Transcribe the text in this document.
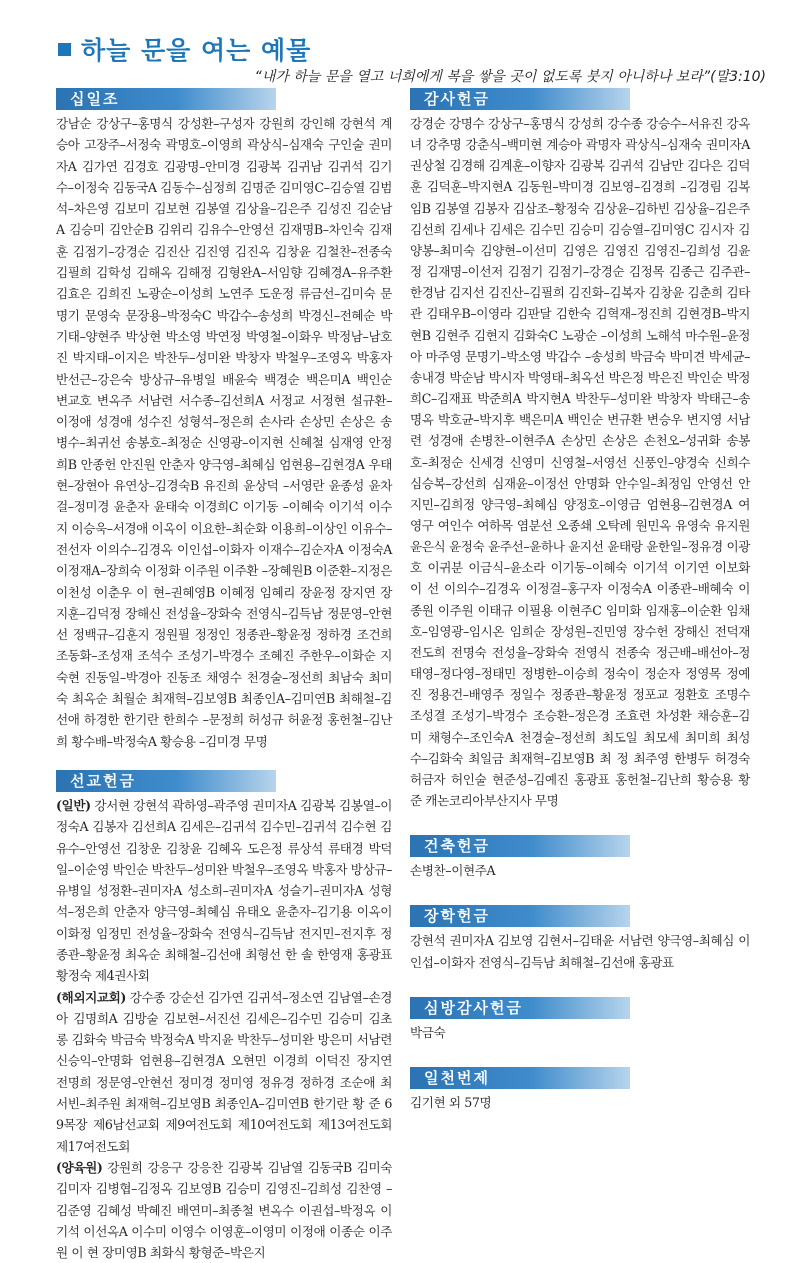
하늘 문을 여는 예물
“내가 하늘 문을 열고 너희에게 복을 쌓을 곳이 없도록 붓지 아니하나 보라”(말3:10)
십일조
강남순 강상구–홍명식 강성환–구성자 강원희 강인해 강현석 계승아 고장주–서정숙 곽명호–이영희 곽상식–심재숙 구인술 권미자A 김가연 김경호 김광명–안미경 김광복 김귀남 김귀석 김기수–이정숙 김동국A 김동수–심정희 김명준 김미영C–김승열 김범석–차은영 김보미 김보현 김봉열 김상율–김은주 김성진 김순남A 김승미 김안순B 김위리 김유수–안영선 김재명B–차인숙 김재훈 김점기–강경순 김진산 김진영 김진옥 김창윤 김철찬–전종숙 김필희 김학성 김해옥 김해정 김형완A–서임향 김혜경A–유주환 김효은 김희진 노광순–이성희 노연주 도운정 류금선–김미숙 문명기 문영숙 문장용–박정숙C 박갑수–송성희 박경신–전혜순 박기태–양현주 박상현 박소영 박연정 박영철–이화우 박정남–남호진 박지태–이지은 박찬두–성미완 박창자 박철우–조영옥 박홍자 반선근–강은숙 방상규–유병일 배윤숙 백경순 백은미A 백인순 변교호 변옥주 서남련 서수종–김선희A 서정교 서정현 설규환–이정애 성경애 성수진 성형석–정은희 손사라 손상민 손상은 송병수–최귀선 송봉호–최정순 신영광–이지현 신혜철 심재영 안정희B 안종헌 안진원 안춘자 양극영–최혜심 엄현용–김현경A 우태현–장현아 유연상–김경숙B 유진희 윤상덕 –서영란 윤종성 윤차걸–정미경 윤춘자 윤태숙 이경희C 이기동 –이혜숙 이기석 이수지 이승욱–서경애 이옥이 이요한–최순화 이용희–이상인 이유수–전선자 이의수–김경옥 이인섭–이화자 이재수–김순자A 이정숙A 이정재A–장희숙 이정화 이주원 이주환 –장혜원B 이준환–지정은 이천성 이춘우 이 현–권혜영B 이혜정 임혜리 장윤정 장지연 장지훈–김덕정 장해신 전성율–장화숙 전영식–김득남 정문영–안현선 정백규–김훈지 정원필 정정인 정종관–황윤정 정하경 조건희 조동화–조성재 조석수 조성기–박경수 조혜진 주한우–이화순 지숙현 진동일–박경아 진동조 채영수 천경술–정선희 최남숙 최미숙 최옥순 최월순 최재혁–김보영B 최종인A–김미연B 최해철–김선애 하경한 한기란 한희수 –문정희 허성규 허윤정 홍헌철–김난희 황수배–박정숙A 황승용 –김미경 무명
선교헌금
(일반) 강서현 강현석 곽하영–곽주영 권미자A 김광복 김봉열–이정숙A 김봉자 김선희A 김세은–김귀석 김수민–김귀석 김수현 김유수–안영선 김창운 김창윤 김혜옥 도은정 류상석 류태경 박덕일–이순영 박인순 박찬두–성미완 박철우–조영옥 박홍자 방상규–유병일 성정환–권미자A 성소희–권미자A 성슬기–권미자A 성형석–정은희 안춘자 양극영–최혜심 유태오 윤춘자–김기용 이옥이 이화정 임정민 전성율–장화숙 전영식–김득남 전지민–전지후 정종관–황윤정 최옥순 최해철–김선애 최형선 한 솔 한영재 홍광표 황정숙 제4권사회
(해외지교회) 강수종 강순선 김가연 김귀석–정소연 김남열–손경아 김명희A 김방술 김보현–서진선 김세은–김수민 김승미 김초롱 김화숙 박금숙 박정숙A 박지윤 박찬두–성미완 방은미 서남련 신승익–안명화 엄현용–김현경A 오현민 이경희 이덕진 장지연 전명희 정문영–안현선 정미경 정미영 정유경 정하경 조순애 최서빈–최주원 최재혁–김보영B 최종인A–김미연B 한기란 황 준 69목장 제6남선교회 제9여전도회 제10여전도회 제13여전도회 제17여전도회
(양육원) 강원희 강응구 강응찬 김광복 김남열 김동국B 김미숙 김미자 김병협–김정옥 김보영B 김승미 김영진–김희성 김찬영 –김준영 김혜성 박혜진 배연미–최종철 변옥수 이권섭–박정옥 이기석 이선옥A 이수미 이영수 이영훈–이영미 이정애 이종순 이주원 이 현 장미영B 최화식 황형준–박은지
감사헌금
강경순 강명수 강상구–홍명식 강성희 강수종 강승수–서유진 강옥녀 강추명 강춘식–백미현 계승아 곽명자 곽상식–심재숙 권미자A 권상철 김경해 김계훈–이향자 김광복 김귀석 김남만 김다은 김덕훈 김덕훈–박지현A 김동원–박미경 김보영–김경희 –김경림 김복임B 김봉열 김봉자 김삼조–황정숙 김상윤–김하빈 김상율–김은주 김선희 김세나 김세은 김수민 김승미 김승열–김미영C 김시자 김양봉–최미숙 김양현–이선미 김영은 김영진 김영진–김희성 김윤정 김재명–이선저 김점기 김점기–강경순 김정목 김종근 김주관–한경남 김지선 김진산–김필희 김진화–김복자 김창윤 김춘희 김타관 김태우B–이영라 김판달 김한숙 김혁재–정진희 김현경B–박지현B 김현주 김현지 김화숙C 노광순 –이성희 노해석 마수원–윤정아 마주영 문명기–박소영 박갑수 –송성희 박금숙 박미견 박세균–송내경 박순남 박시자 박영태–최옥선 박은정 박은진 박인순 박정희C–김재표 박준희A 박지현A 박찬두–성미완 박창자 박태근–송명옥 박호균–박지후 백은미A 백인순 변규환 변승우 변지영 서남련 성경애 손병찬–이현주A 손상민 손상은 손천오–성귀화 송봉호–최정순 신세경 신영미 신영철–서영선 신풍인–양경숙 신희수 심승복–강선희 심재윤–이정선 안명화 안수일–최정임 안영선 안지민–김희정 양극영–최혜심 양정호–이영금 엄현용–김현경A 여영구 여인수 여하목 염분선 오종쇄 오탁례 원민옥 유영숙 유지원 윤은식 윤정숙 윤주선–윤하나 윤지선 윤태랑 윤한일–정유경 이광호 이귀분 이금식–윤소라 이기동–이혜숙 이기석 이기연 이보화 이 선 이의수–김경옥 이정걸–홍구자 이정숙A 이종관–배혜숙 이종원 이주원 이태규 이필용 이현주C 임미화 임재홍–이순환 임채호–임영광–임시온 임희순 장성원–진민영 장수헌 장해신 전덕재 전도희 전명숙 전성율–장화숙 전영식 전종숙 정근배–배선아–정태영–정다영–정태민 정병한–이승희 정숙이 정순자 정영목 정예진 정용건–배영주 정일수 정종관–황윤정 정포교 정환호 조명수 조성결 조성기–박경수 조승환–정은경 조효련 차성환 채승훈–김 미 채형수–조인숙A 천경술–정선희 최도일 최모세 최미희 최성수–김화숙 최일금 최재혁–김보영B 최 정 최주영 한병두 허경숙 허금자 허인술 현준성–김예진 홍광표 홍헌철–김난희 황승용 황 준 캐논코리아부산지사 무명
건축헌금
손병찬–이현주A
장학헌금
강현석 권미자A 김보영 김현서–김태윤 서남련 양극영–최혜심 이인섭–이화자 전영식–김득남 최해철–김선애 홍광표
심방감사헌금
박금숙
일천번제
김기현 외 57명
